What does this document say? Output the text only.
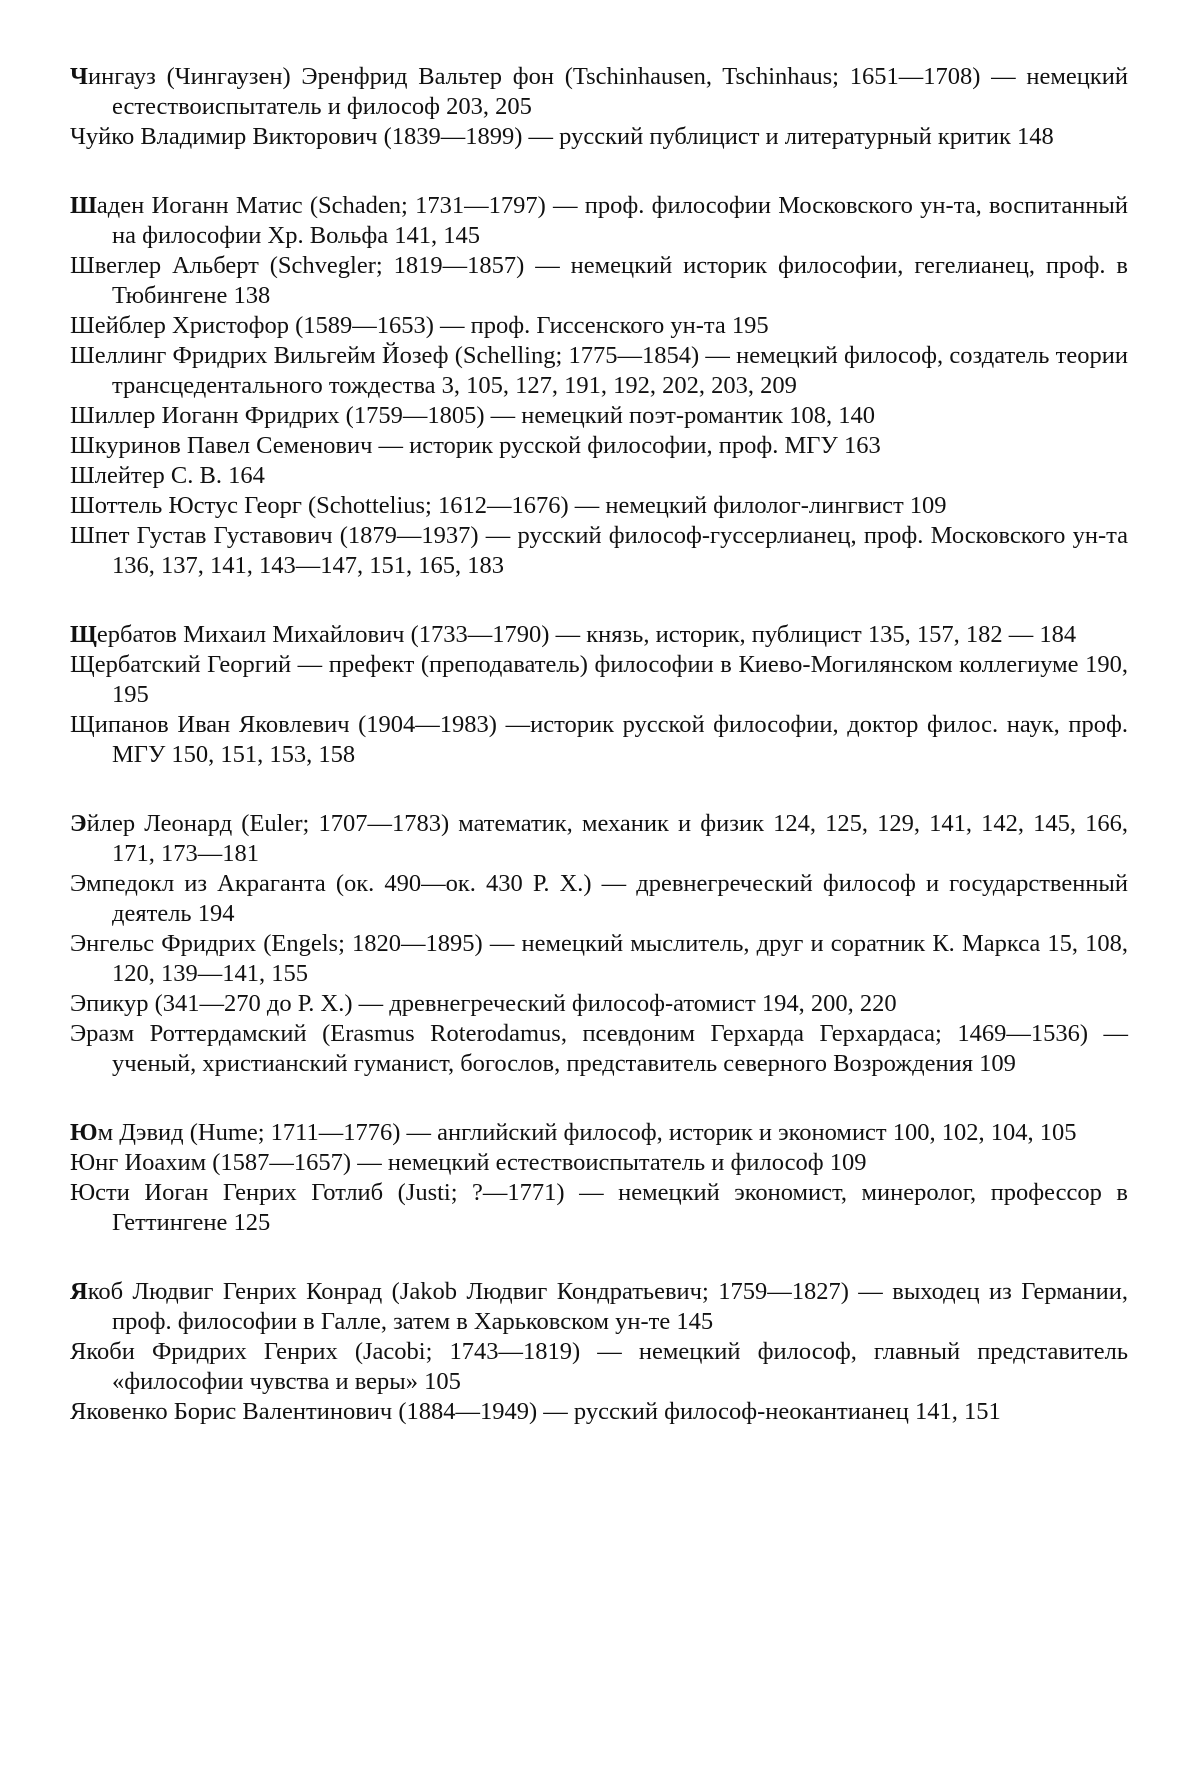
Чингауз (Чингаузен) Эренфрид Вальтер фон (Tschinhausen, Tschinhaus; 1651—1708) — немецкий естествоиспытатель и философ 203, 205
Чуйко Владимир Викторович (1839—1899) — русский публицист и литературный критик 148
Шаден Иоганн Матис (Schaden; 1731—1797) — проф. философии Московского ун-та, воспитанный на философии Хр. Вольфа 141, 145
Швеглер Альберт (Schvegler; 1819—1857) — немецкий историк философии, гегелианец, проф. в Тюбингене 138
Шейблер Христофор (1589—1653) — проф. Гиссенского ун-та 195
Шеллинг Фридрих Вильгейм Йозеф (Schelling; 1775—1854) — немецкий философ, создатель теории трансцедентального тождества 3, 105, 127, 191, 192, 202, 203, 209
Шиллер Иоганн Фридрих (1759—1805) — немецкий поэт-романтик 108, 140
Шкуринов Павел Семенович — историк русской философии, проф. МГУ 163
Шлейтер С. В. 164
Шоттель Юстус Георг (Schottelius; 1612—1676) — немецкий филолог-лингвист 109
Шпет Густав Густавович (1879—1937) — русский философ-гуссерлианец, проф. Московского ун-та 136, 137, 141, 143—147, 151, 165, 183
Щербатов Михаил Михайлович (1733—1790) — князь, историк, публицист 135, 157, 182 — 184
Щербатский Георгий — префект (преподаватель) философии в Киево-Могилянском коллегиуме 190, 195
Щипанов Иван Яковлевич (1904—1983) —историк русской философии, доктор филос. наук, проф. МГУ 150, 151, 153, 158
Эйлер Леонард (Euler; 1707—1783) математик, механик и физик 124, 125, 129, 141, 142, 145, 166, 171, 173—181
Эмпедокл из Акраганта (ок. 490—ок. 430 Р. Х.) — древнегреческий философ и государственный деятель 194
Энгельс Фридрих (Engels; 1820—1895) — немецкий мыслитель, друг и соратник К. Маркса 15, 108, 120, 139—141, 155
Эпикур (341—270 до Р. Х.) — древнегреческий философ-атомист 194, 200, 220
Эразм Роттердамский (Erasmus Roterodamus, псевдоним Герхарда Герхардаса; 1469—1536) — ученый, христианский гуманист, богослов, представитель северного Возрождения 109
Юм Дэвид (Hume; 1711—1776) — английский философ, историк и экономист 100, 102, 104, 105
Юнг Иоахим (1587—1657) — немецкий естествоиспытатель и философ 109
Юсти Иоган Генрих Готлиб (Justi; ?—1771) — немецкий экономист, минеролог, профессор в Геттингене 125
Якоб Людвиг Генрих Конрад (Jakob Людвиг Кондратьевич; 1759—1827) — выходец из Германии, проф. философии в Галле, затем в Харьковском ун-те 145
Якоби Фридрих Генрих (Jacobi; 1743—1819) — немецкий философ, главный представитель «философии чувства и веры» 105
Яковенко Борис Валентинович (1884—1949) — русский философ-неокантианец 141, 151
